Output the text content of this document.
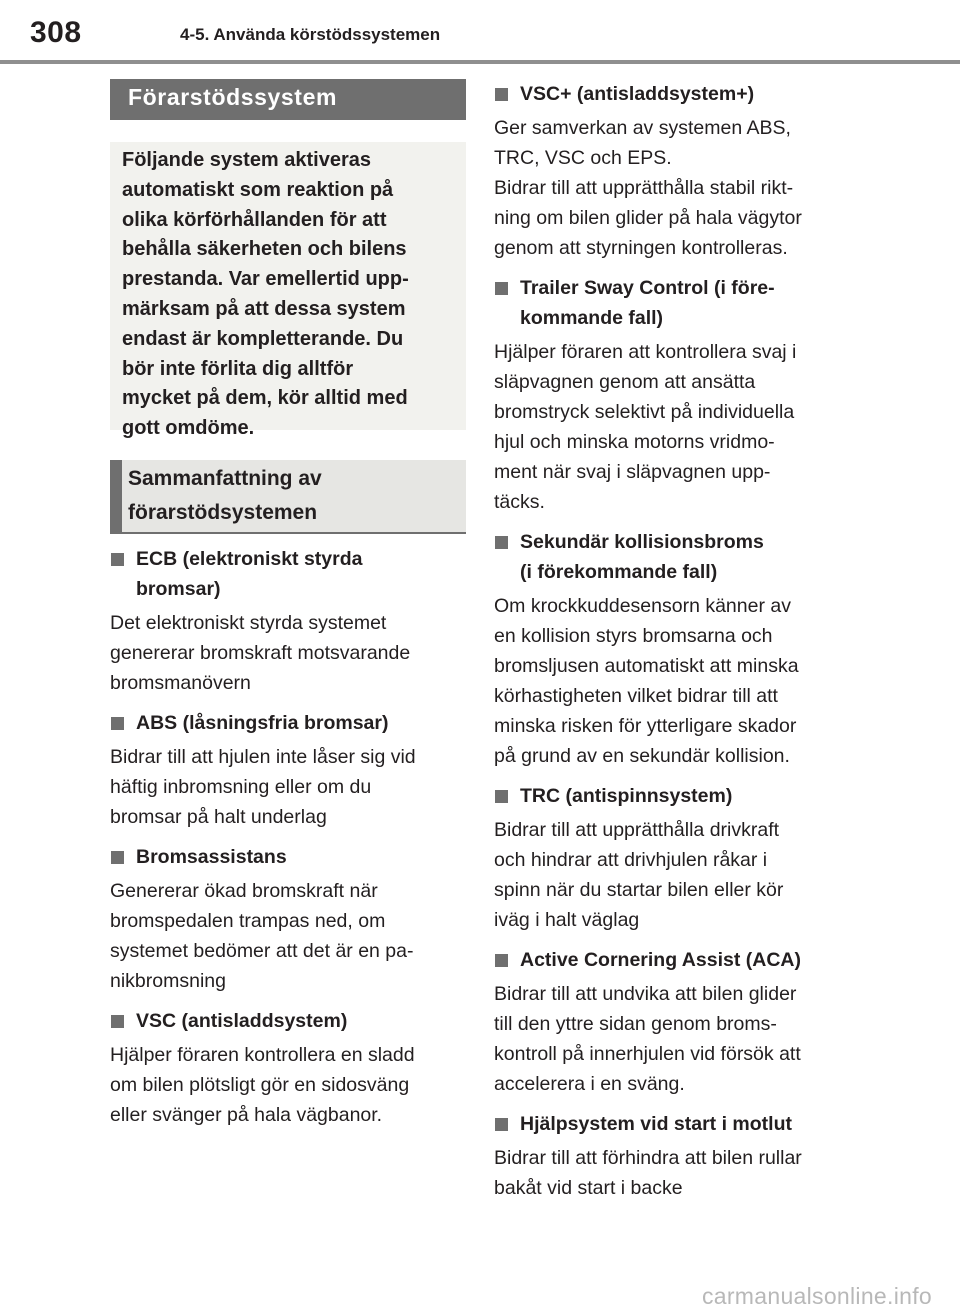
308	4-5. Använda körstödssystemen
Förarstödssystem

Följande system aktiveras

automatiskt som reaktion på

olika körförhållanden för att

behålla säkerheten och bilens

prestanda. Var emellertid upp-

märksam på att dessa system

endast är kompletterande. Du

bör inte förlita dig alltför

mycket på dem, kör alltid med

gott omdöme.

Sammanfattning av
förarstödsystemen
ECB (elektroniskt styrda
bromsar)
Det elektroniskt styrda systemet
genererar bromskraft motsvarande
bromsmanövern
ABS (låsningsfria bromsar)
Bidrar till att hjulen inte låser sig vid
häftig inbromsning eller om du
bromsar på halt underlag
Bromsassistans
Genererar ökad bromskraft när
bromspedalen trampas ned, om
systemet bedömer att det är en pa-
nikbromsning
VSC (antisladdsystem)
Hjälper föraren kontrollera en sladd
om bilen plötsligt gör en sidosväng
eller svänger på hala vägbanor.
VSC+ (antisladdsystem+)
Ger samverkan av systemen ABS,
TRC, VSC och EPS.
Bidrar till att upprätthålla stabil rikt-
ning om bilen glider på hala vägytor
genom att styrningen kontrolleras.
Trailer Sway Control (i före-
kommande fall)
Hjälper föraren att kontrollera svaj i
släpvagnen genom att ansätta
bromstryck selektivt på individuella
hjul och minska motorns vridmo-
ment när svaj i släpvagnen upp-
täcks.
Sekundär kollisionsbroms
(i förekommande fall)
Om krockkuddesensorn känner av
en kollision styrs bromsarna och
bromsljusen automatiskt att minska
körhastigheten vilket bidrar till att
minska risken för ytterligare skador
på grund av en sekundär kollision.
TRC (antispinnsystem)
Bidrar till att upprätthålla drivkraft
och hindrar att drivhjulen råkar i
spinn när du startar bilen eller kör
iväg i halt väglag
Active Cornering Assist (ACA)
Bidrar till att undvika att bilen glider
till den yttre sidan genom broms-
kontroll på innerhjulen vid försök att
accelerera i en sväng.
Hjälpsystem vid start i motlut
Bidrar till att förhindra att bilen rullar
bakåt vid start i backe
carmanualsonline.info
